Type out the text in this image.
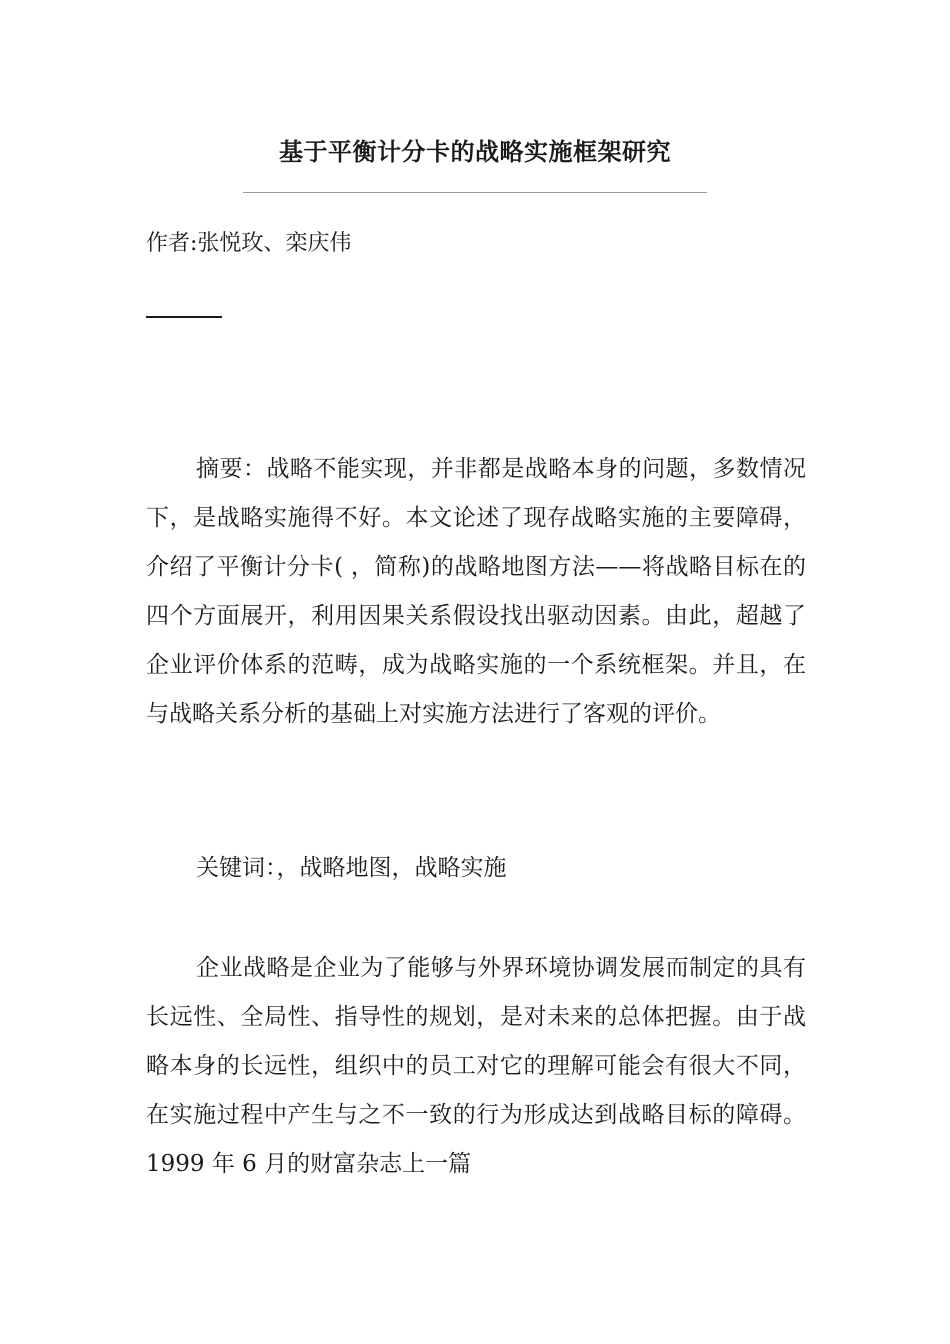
基于平衡计分卡的战略实施框架研究
作者:张悦玫、栾庆伟

摘要：战略不能实现，并非都是战略本身的问题，多数情况下，是战略实施得不好。本文论述了现存战略实施的主要障碍，介绍了平衡计分卡( ，简称)的战略地图方法——将战略目标在的四个方面展开，利用因果关系假设找出驱动因素。由此，超越了企业评价体系的范畴，成为战略实施的一个系统框架。并且，在与战略关系分析的基础上对实施方法进行了客观的评价。

关键词：，战略地图，战略实施

企业战略是企业为了能够与外界环境协调发展而制定的具有长远性、全局性、指导性的规划，是对未来的总体把握。由于战略本身的长远性，组织中的员工对它的理解可能会有很大不同，在实施过程中产生与之不一致的行为形成达到战略目标的障碍。1999 年 6 月的财富杂志上一篇
